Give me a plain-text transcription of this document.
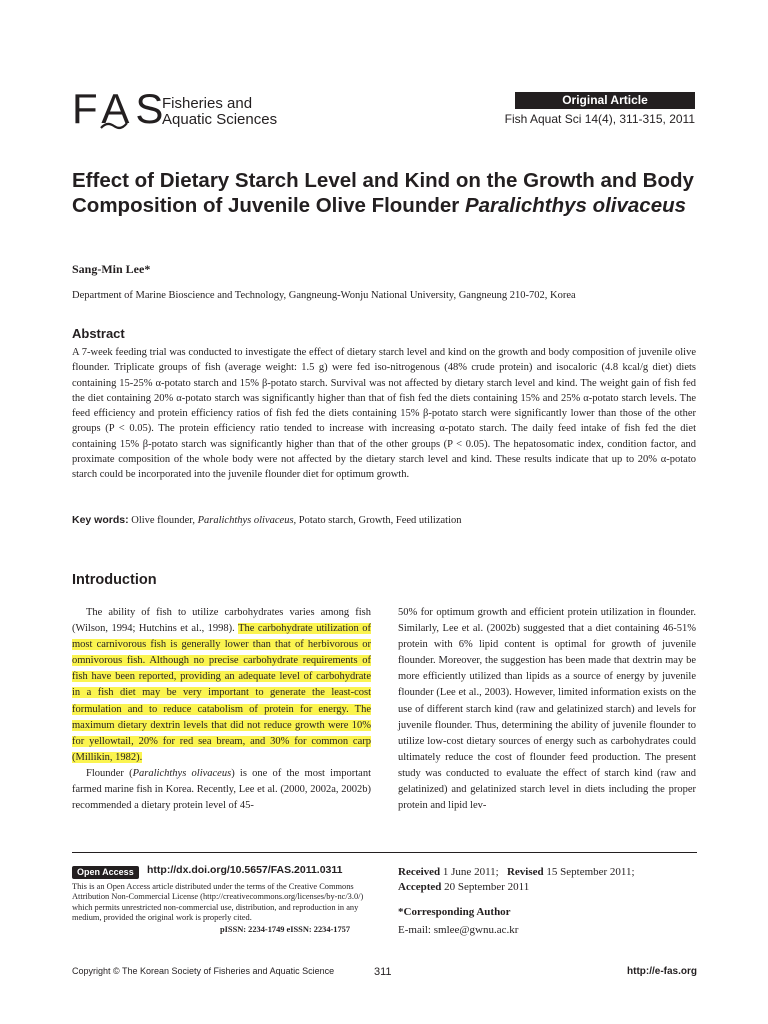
FAS
Fisheries and
Aquatic Sciences
Original Article
Fish Aquat Sci 14(4), 311-315, 2011
Effect of Dietary Starch Level and Kind on the Growth and Body Composition of Juvenile Olive Flounder Paralichthys olivaceus
Sang-Min Lee*
Department of Marine Bioscience and Technology, Gangneung-Wonju National University, Gangneung 210-702, Korea
Abstract
A 7-week feeding trial was conducted to investigate the effect of dietary starch level and kind on the growth and body composition of juvenile olive flounder. Triplicate groups of fish (average weight: 1.5 g) were fed iso-nitrogenous (48% crude protein) and isocaloric (4.8 kcal/g diet) diets containing 15-25% α-potato starch and 15% β-potato starch. Survival was not affected by dietary starch level and kind. The weight gain of fish fed the diet containing 20% α-potato starch was significantly higher than that of fish fed the diets containing 15% and 25% α-potato starch levels. The feed efficiency and protein efficiency ratios of fish fed the diets containing 15% β-potato starch were significantly lower than those of the other groups (P < 0.05). The protein efficiency ratio tended to increase with increasing α-potato starch. The daily feed intake of fish fed the diet containing 15% β-potato starch was significantly higher than that of the other groups (P < 0.05). The hepatosomatic index, condition factor, and proximate composition of the whole body were not affected by the dietary starch level and kind. These results indicate that up to 20% α-potato starch could be incorporated into the juvenile flounder diet for optimum growth.
Key words: Olive flounder, Paralichthys olivaceus, Potato starch, Growth, Feed utilization
Introduction

The ability of fish to utilize carbohydrates varies among fish (Wilson, 1994; Hutchins et al., 1998). The carbohydrate utilization of most carnivorous fish is generally lower than that of herbivorous or omnivorous fish. Although no precise carbohydrate requirements of fish have been reported, providing an adequate level of carbohydrate in a fish diet may be very important to generate the least-cost formulation and to reduce catabolism of protein for energy. The maximum dietary dextrin levels that did not reduce growth were 10% for yellowtail, 20% for red sea bream, and 30% for common carp (Millikin, 1982).

Flounder (Paralichthys olivaceus) is one of the most important farmed marine fish in Korea. Recently, Lee et al. (2000, 2002a, 2002b) recommended a dietary protein level of 45-

50% for optimum growth and efficient protein utilization in flounder. Similarly, Lee et al. (2002b) suggested that a diet containing 46-51% protein with 6% lipid content is optimal for growth of juvenile flounder. Moreover, the suggestion has been made that dextrin may be more efficiently utilized than lipids as a source of energy by juvenile flounder (Lee et al., 2003). However, limited information exists on the use of different starch kind (raw and gelatinized starch) and levels for juvenile flounder. Thus, determining the ability of juvenile flounder to utilize low-cost dietary sources of energy such as carbohydrates could ultimately reduce the cost of flounder feed production. The present study was conducted to evaluate the effect of starch kind (raw and gelatinized) and gelatinized starch level in diets including the proper protein and lipid lev-

Open Access	http://dx.doi.org/10.5657/FAS.2011.0311
This is an Open Access article distributed under the terms of the Creative Commons Attribution Non-Commercial License (http://creativecommons.org/licenses/by-nc/3.0/) which permits unrestricted non-commercial use, distribution, and reproduction in any medium, provided the original work is properly cited.
pISSN: 2234-1749 eISSN: 2234-1757
Received 1 June 2011; Revised 15 September 2011;
Accepted 20 September 2011
*Corresponding Author
E-mail: smlee@gwnu.ac.kr
Copyright © The Korean Society of Fisheries and Aquatic Science	311	http://e-fas.org
